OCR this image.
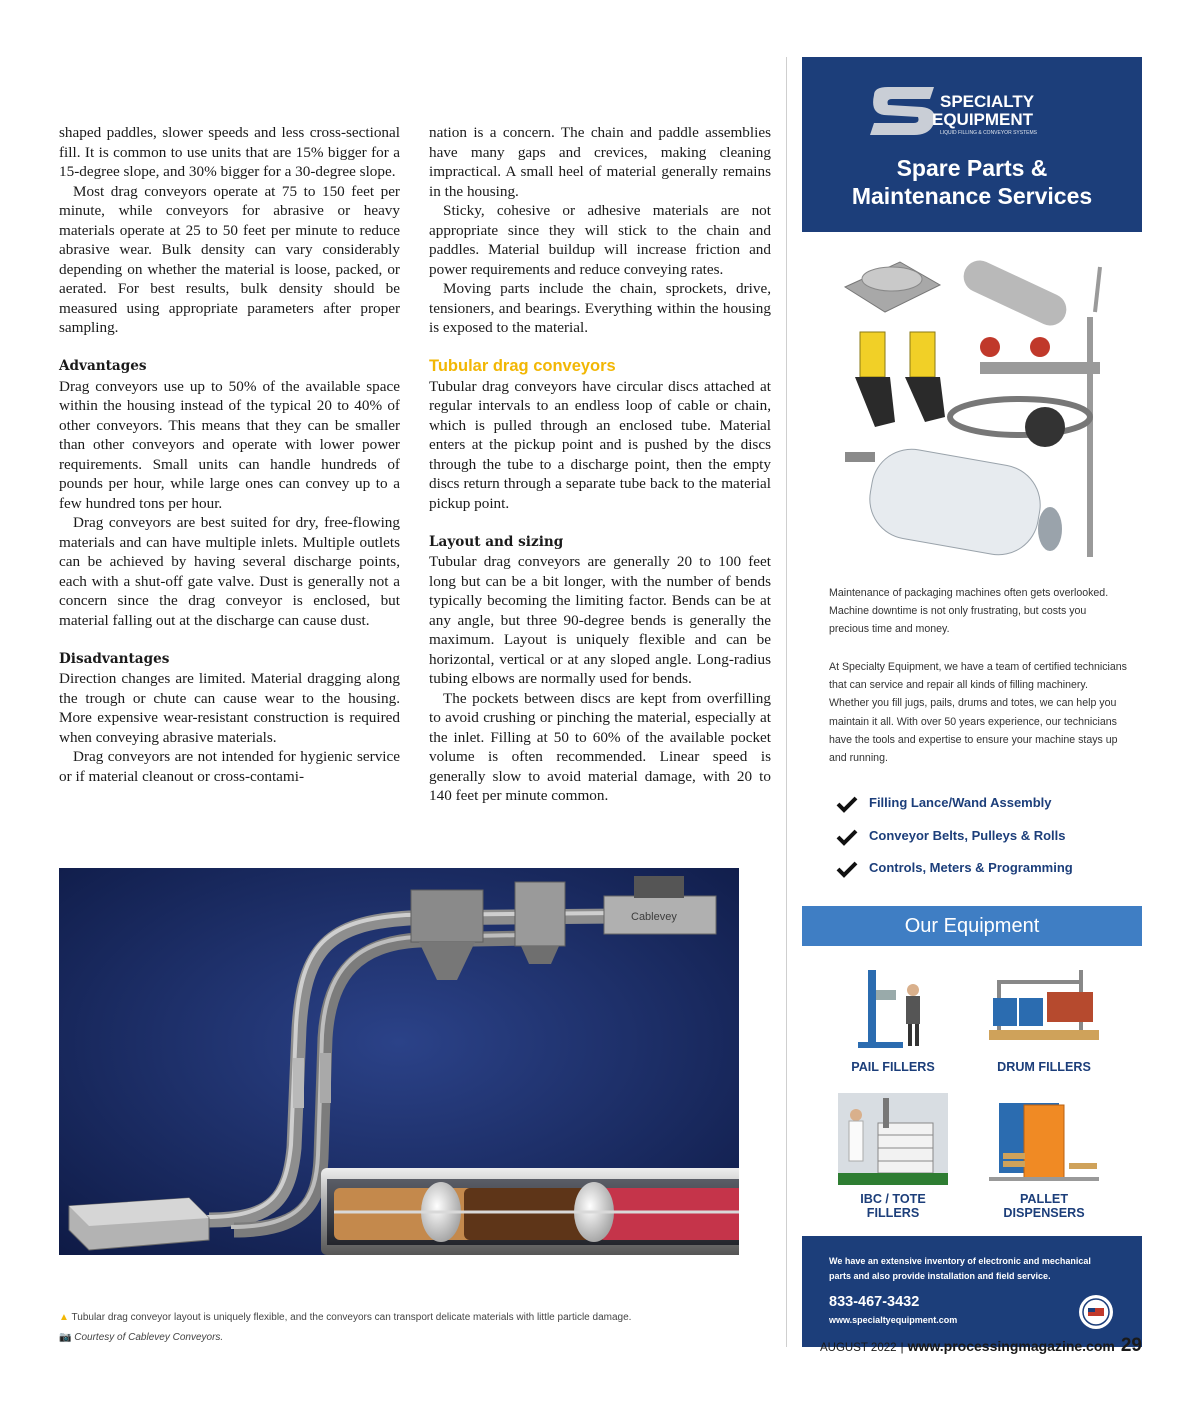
shaped paddles, slower speeds and less cross-sectional fill. It is common to use units that are 15% bigger for a 15-degree slope, and 30% bigger for a 30-degree slope.

Most drag conveyors operate at 75 to 150 feet per minute, while conveyors for abrasive or heavy materials operate at 25 to 50 feet per minute to reduce abrasive wear. Bulk density can vary considerably depending on whether the material is loose, packed, or aerated. For best results, bulk density should be measured using appropriate parameters after proper sampling.

Advantages

Drag conveyors use up to 50% of the available space within the housing instead of the typical 20 to 40% of other conveyors. This means that they can be smaller than other conveyors and operate with lower power requirements. Small units can handle hundreds of pounds per hour, while large ones can convey up to a few hundred tons per hour.

Drag conveyors are best suited for dry, free-flowing materials and can have multiple inlets. Multiple outlets can be achieved by having several discharge points, each with a shut-off gate valve. Dust is generally not a concern since the drag conveyor is enclosed, but material falling out at the discharge can cause dust.

Disadvantages

Direction changes are limited. Material dragging along the trough or chute can cause wear to the housing. More expensive wear-resistant construction is required when conveying abrasive materials.

Drag conveyors are not intended for hygienic service or if material cleanout or cross-contami-

nation is a concern. The chain and paddle assemblies have many gaps and crevices, making cleaning impractical. A small heel of material generally remains in the housing.

Sticky, cohesive or adhesive materials are not appropriate since they will stick to the chain and paddles. Material buildup will increase friction and power requirements and reduce conveying rates.

Moving parts include the chain, sprockets, drive, tensioners, and bearings. Everything within the housing is exposed to the material.

Tubular drag conveyors

Tubular drag conveyors have circular discs attached at regular intervals to an endless loop of cable or chain, which is pulled through an enclosed tube. Material enters at the pickup point and is pushed by the discs through the tube to a discharge point, then the empty discs return through a separate tube back to the material pickup point.

Layout and sizing

Tubular drag conveyors are generally 20 to 100 feet long but can be a bit longer, with the number of bends typically becoming the limiting factor. Bends can be at any angle, but three 90-degree bends is generally the maximum. Layout is uniquely flexible and can be horizontal, vertical or at any sloped angle. Long-radius tubing elbows are normally used for bends.

The pockets between discs are kept from overfilling to avoid crushing or pinching the material, especially at the inlet. Filling at 50 to 60% of the available pocket volume is often recommended. Linear speed is generally slow to avoid material damage, with 20 to 140 feet per minute common.

Cablevey
▲ Tubular drag conveyor layout is uniquely flexible, and the conveyors can transport delicate materials with little particle damage.
📷 Courtesy of Cablevey Conveyors.
SPECIALTY
EQUIPMENT
LIQUID FILLING & CONVEYOR SYSTEMS
Spare Parts &
Maintenance Services
Maintenance of packaging machines often gets overlooked. Machine downtime is not only frustrating, but costs you precious time and money.
At Specialty Equipment, we have a team of certified technicians that can service and repair all kinds of filling machinery. Whether you fill jugs, pails, drums and totes, we can help you maintain it all. With over 50 years experience, our technicians have the tools and expertise to ensure your machine stays up and running.
Filling Lance/Wand Assembly
Conveyor Belts, Pulleys & Rolls
Controls, Meters & Programming
Our Equipment
PAIL FILLERS	DRUM FILLERS
IBC / TOTE
FILLERS
PALLET
DISPENSERS
We have an extensive inventory of electronic and mechanical parts and also provide installation and field service.
833-467-3432
www.specialtyequipment.com
AUGUST 2022 | www.processingmagazine.com 29
